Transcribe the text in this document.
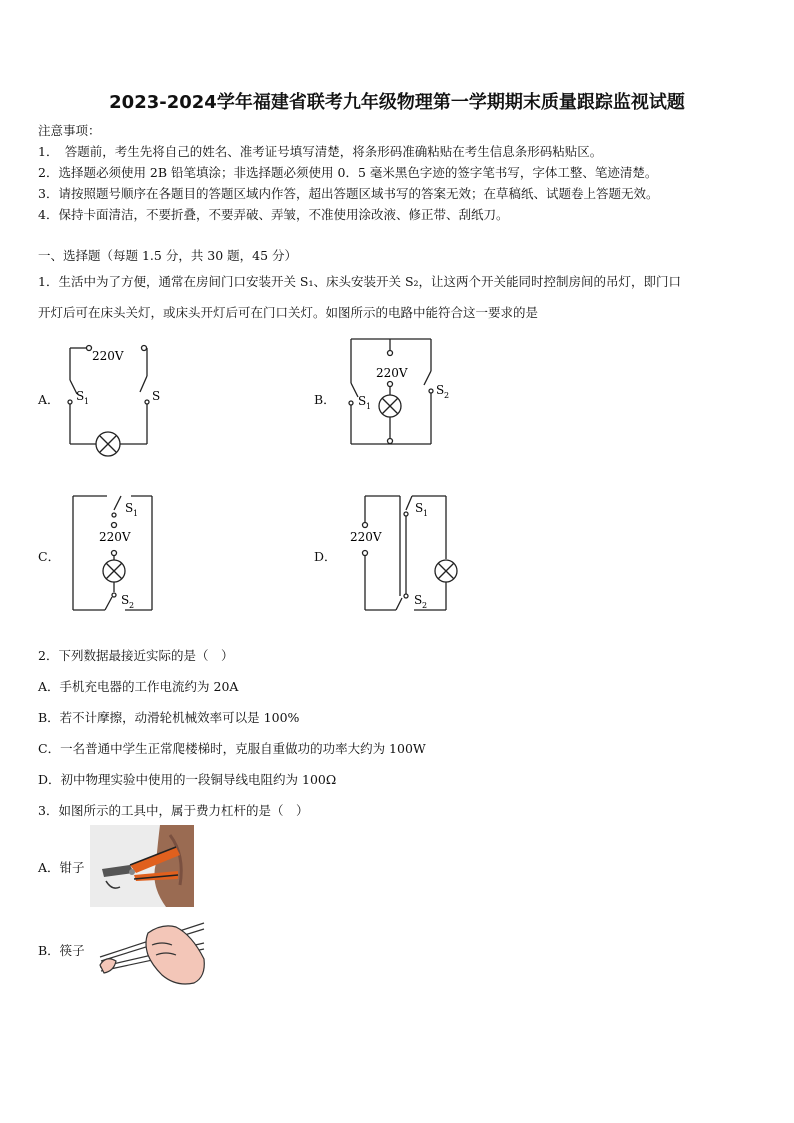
2023-2024学年福建省联考九年级物理第一学期期末质量跟踪监视试题
注意事项：
1．　答题前，考生先将自己的姓名、准考证号填写清楚，将条形码准确粘贴在考生信息条形码粘贴区。
2．选择题必须使用 2B 铅笔填涂；非选择题必须使用 0．5 毫米黑色字迹的签字笔书写，字体工整、笔迹清楚。
3．请按照题号顺序在各题目的答题区域内作答，超出答题区域书写的答案无效；在草稿纸、试题卷上答题无效。
4．保持卡面清洁，不要折叠，不要弄破、弄皱，不准使用涂改液、修正带、刮纸刀。
一、选择题（每题 1.5 分，共 30 题，45 分）
1．生活中为了方便，通常在房间门口安装开关 S₁、床头安装开关 S₂，让这两个开关能同时控制房间的吊灯，即门口
开灯后可在床头关灯，或床头开灯后可在门口关灯。如图所示的电路中能符合这一要求的是
A．	B．
C．	D．
220V
S 1	S
220V
S 1
S 2
S 1
220V
S 2
220V
S 1
S 2
2．下列数据最接近实际的是（　）
A．手机充电器的工作电流约为 20A
B．若不计摩擦，动滑轮机械效率可以是 100%
C．一名普通中学生正常爬楼梯时，克服自重做功的功率大约为 100W
D．初中物理实验中使用的一段铜导线电阻约为 100Ω
3．如图所示的工具中，属于费力杠杆的是（　）
A．钳子
B．筷子
